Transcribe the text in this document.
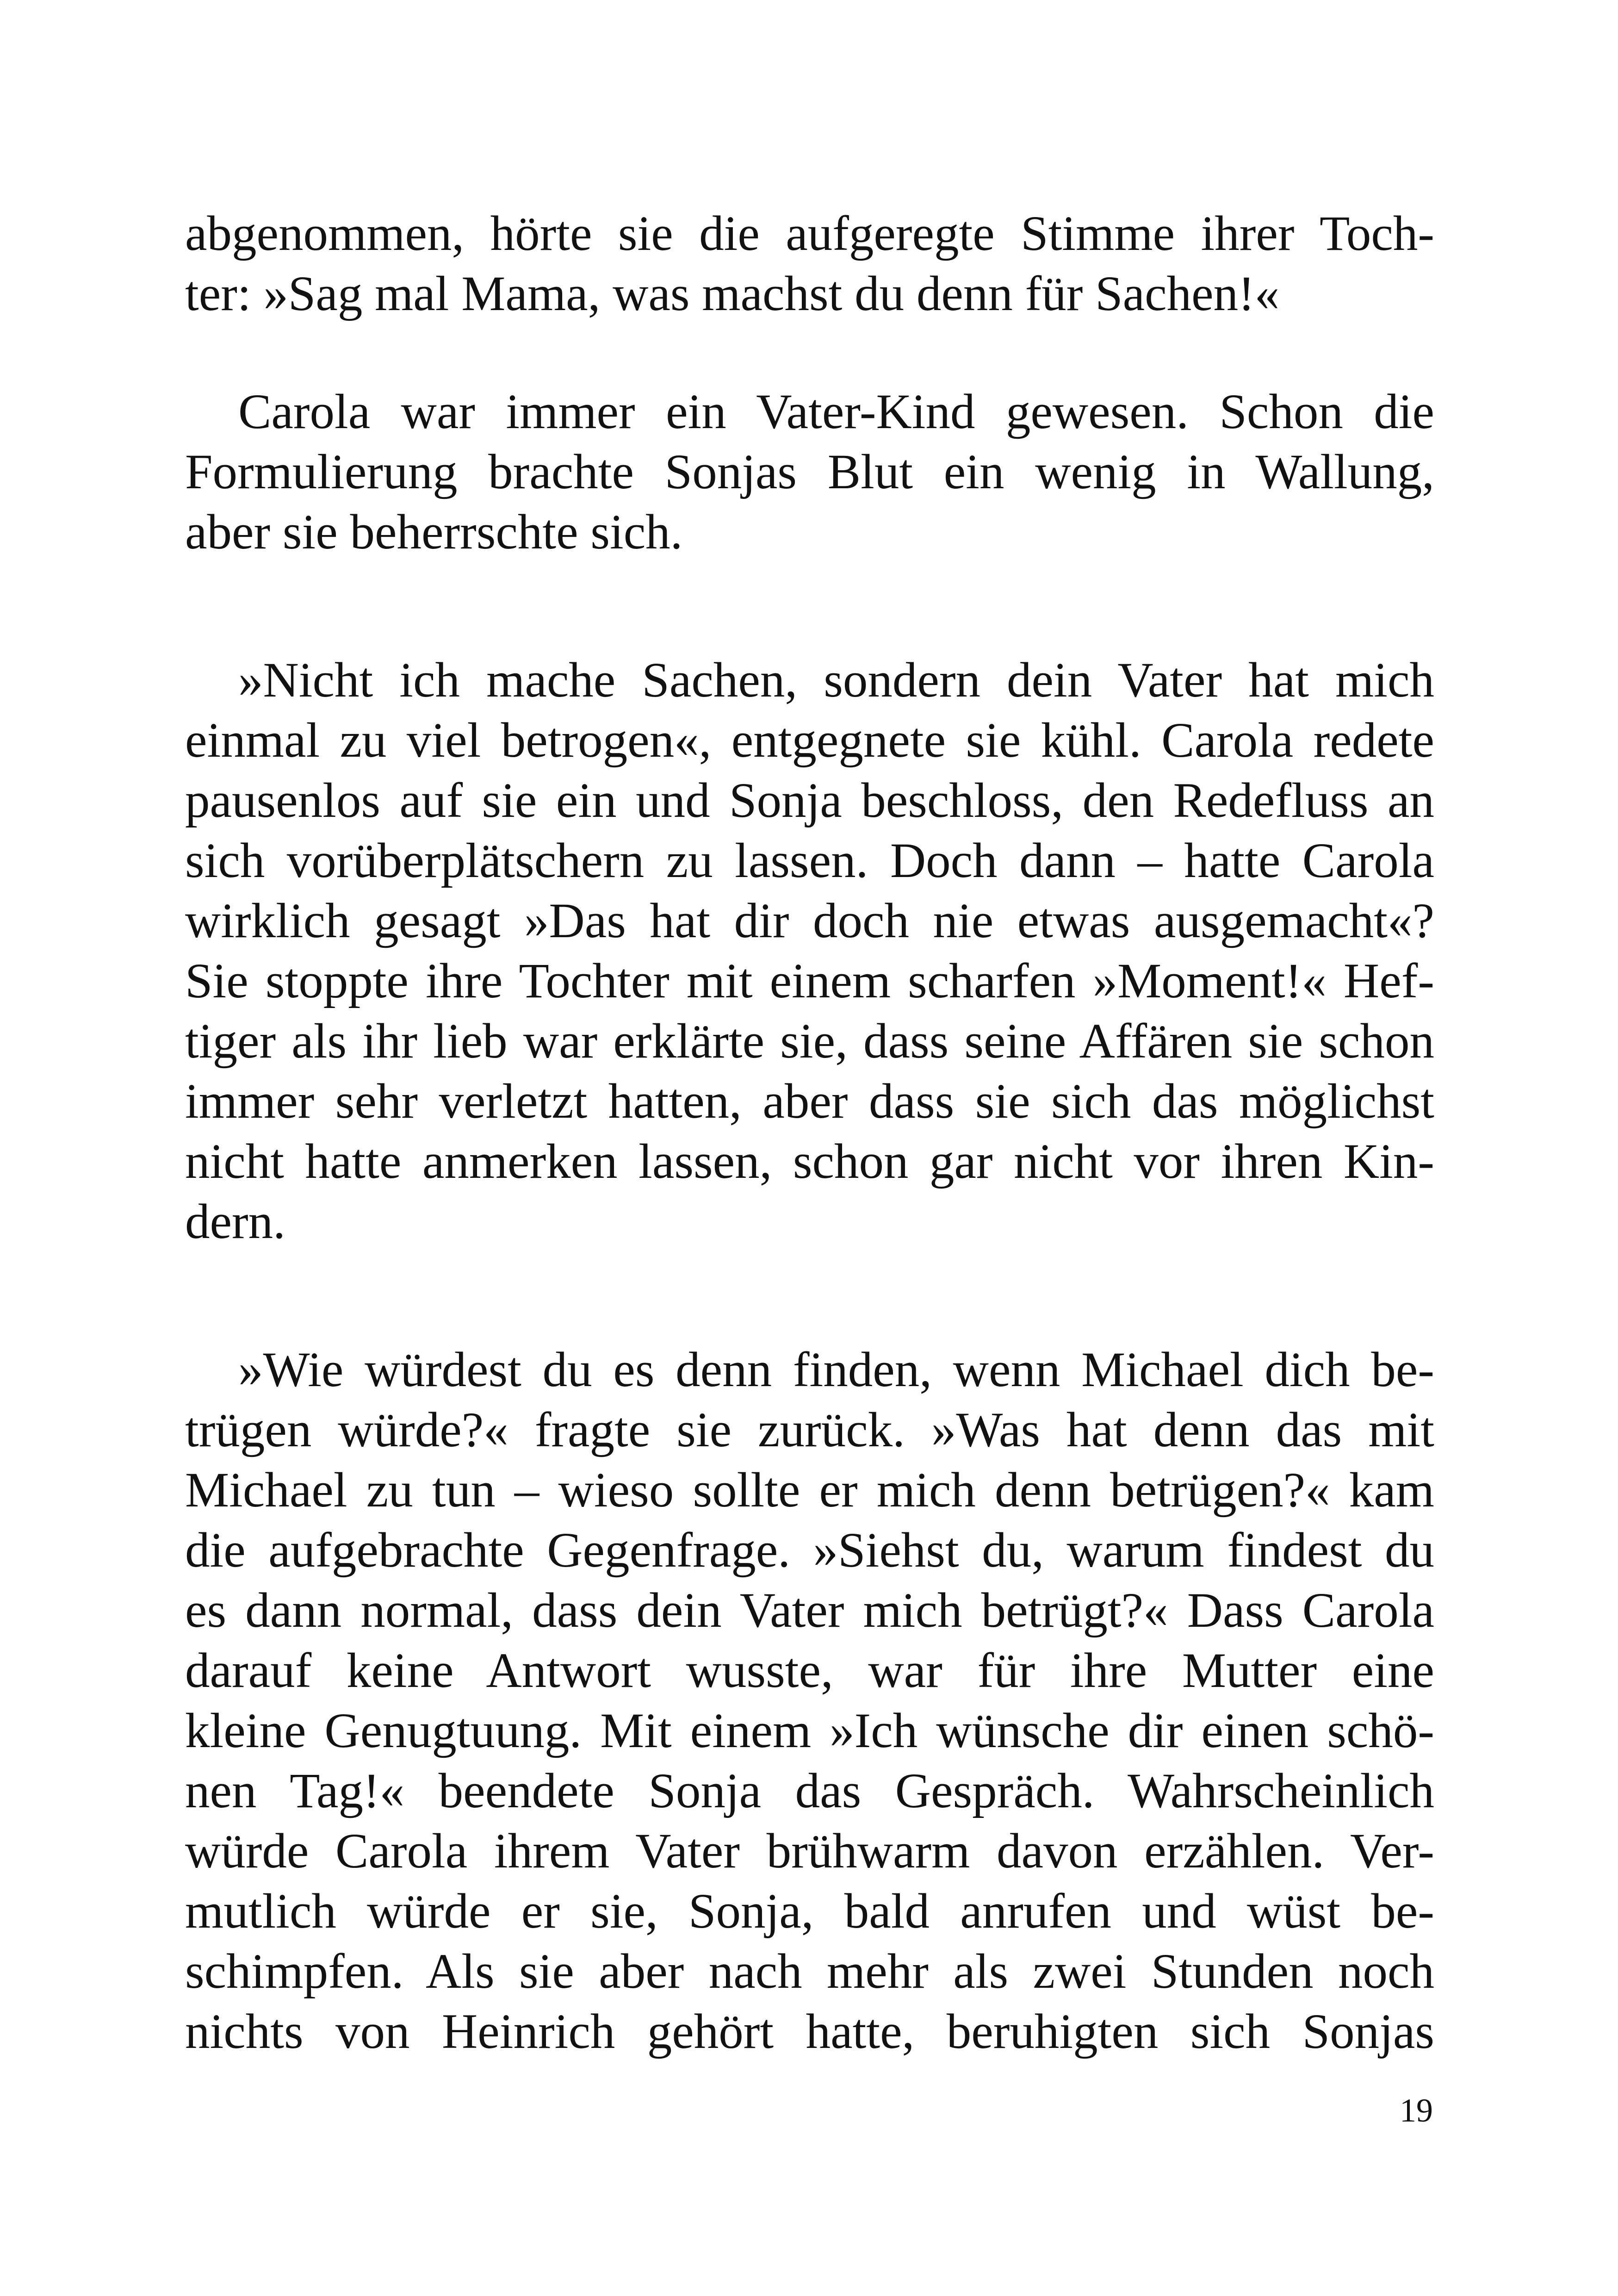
abgenommen, hörte sie die aufgeregte Stimme ihrer Toch-
ter: »Sag mal Mama, was machst du denn für Sachen!«
Carola war immer ein Vater-Kind gewesen. Schon die
Formulierung brachte Sonjas Blut ein wenig in Wallung,
aber sie beherrschte sich.
»Nicht ich mache Sachen, sondern dein Vater hat mich
einmal zu viel betrogen«, entgegnete sie kühl. Carola redete
pausenlos auf sie ein und Sonja beschloss, den Redefluss an
sich vorüberplätschern zu lassen. Doch dann – hatte Carola
wirklich gesagt »Das hat dir doch nie etwas ausgemacht«?
Sie stoppte ihre Tochter mit einem scharfen »Moment!« Hef-
tiger als ihr lieb war erklärte sie, dass seine Affären sie schon
immer sehr verletzt hatten, aber dass sie sich das möglichst
nicht hatte anmerken lassen, schon gar nicht vor ihren Kin-
dern.
»Wie würdest du es denn finden, wenn Michael dich be-
trügen würde?« fragte sie zurück. »Was hat denn das mit
Michael zu tun – wieso sollte er mich denn betrügen?« kam
die aufgebrachte Gegenfrage. »Siehst du, warum findest du
es dann normal, dass dein Vater mich betrügt?« Dass Carola
darauf keine Antwort wusste, war für ihre Mutter eine
kleine Genugtuung. Mit einem »Ich wünsche dir einen schö-
nen Tag!« beendete Sonja das Gespräch. Wahrscheinlich
würde Carola ihrem Vater brühwarm davon erzählen. Ver-
mutlich würde er sie, Sonja, bald anrufen und wüst be-
schimpfen. Als sie aber nach mehr als zwei Stunden noch
nichts von Heinrich gehört hatte, beruhigten sich Sonjas
19
